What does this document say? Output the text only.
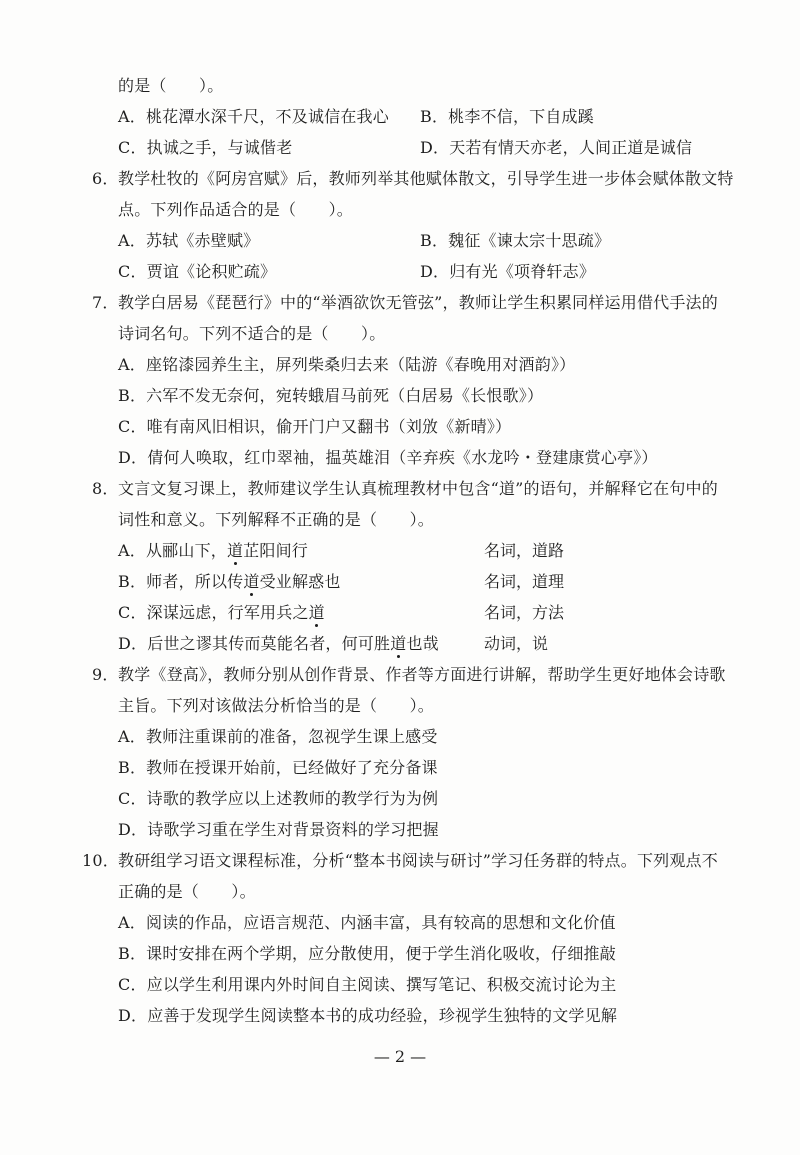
的是（　　）。
A．桃花潭水深千尺，不及诚信在我心 B．桃李不信，下自成蹊
C．执诚之手，与诚偕老	D．天若有情天亦老，人间正道是诚信
6． 教学杜牧的《阿房宫赋》后，教师列举其他赋体散文，引导学生进一步体会赋体散文特
点。下列作品适合的是（　　）。
A．苏轼《赤壁赋》	B．魏征《谏太宗十思疏》
C．贾谊《论积贮疏》	D．归有光《项脊轩志》
7． 教学白居易《琵琶行》中的“举酒欲饮无管弦”，教师让学生积累同样运用借代手法的
诗词名句。下列不适合的是（　　）。
A．座铭漆园养生主，屏列柴桑归去来（陆游《春晚用对酒韵》）
B．六军不发无奈何，宛转蛾眉马前死（白居易《长恨歌》）
C．唯有南风旧相识，偷开门户又翻书（刘攽《新晴》）
D．倩何人唤取，红巾翠袖，揾英雄泪（辛弃疾《水龙吟・登建康赏心亭》）
8． 文言文复习课上，教师建议学生认真梳理教材中包含“道”的语句，并解释它在句中的
词性和意义。下列解释不正确的是（　　）。
A．从郦山下，道芷阳间行	名词，道路
B．师者，所以传道受业解惑也	名词，道理
C．深谋远虑，行军用兵之道	名词，方法
D．后世之谬其传而莫能名者，何可胜道也哉	动词，说
9． 教学《登高》，教师分别从创作背景、作者等方面进行讲解，帮助学生更好地体会诗歌
主旨。下列对该做法分析恰当的是（　　）。
A．教师注重课前的准备，忽视学生课上感受
B．教师在授课开始前，已经做好了充分备课
C．诗歌的教学应以上述教师的教学行为为例
D．诗歌学习重在学生对背景资料的学习把握
10． 教研组学习语文课程标准，分析“整本书阅读与研讨”学习任务群的特点。下列观点不
正确的是（　　）。
A．阅读的作品，应语言规范、内涵丰富，具有较高的思想和文化价值
B．课时安排在两个学期，应分散使用，便于学生消化吸收，仔细推敲
C．应以学生利用课内外时间自主阅读、撰写笔记、积极交流讨论为主
D．应善于发现学生阅读整本书的成功经验，珍视学生独特的文学见解
— 2 —
